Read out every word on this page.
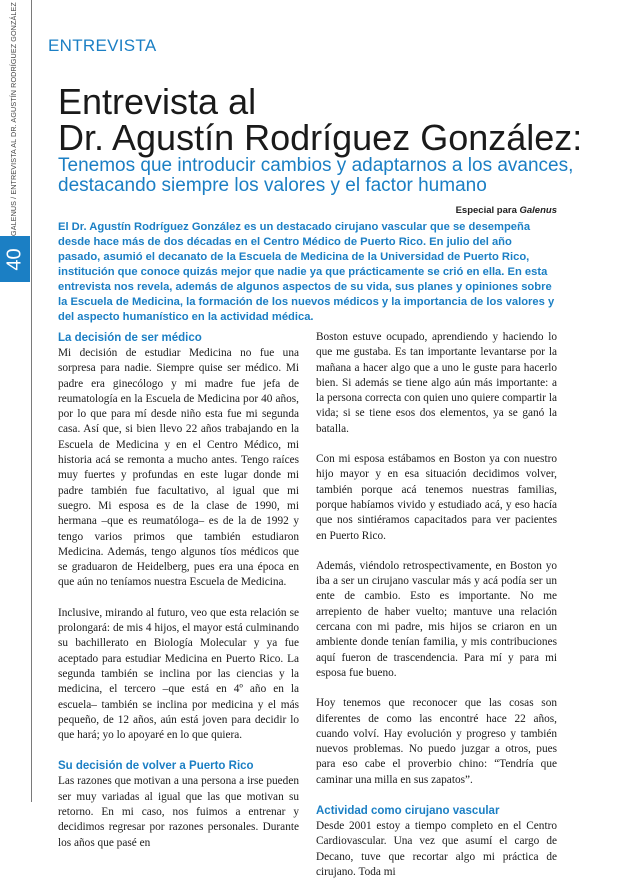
GALENUS / ENTREVISTA AL DR. AGUSTÍN RODRÍGUEZ GONZÁLEZ
40
ENTREVISTA
Entrevista al
Dr. Agustín Rodríguez González:
Tenemos que introducir cambios y adaptarnos a los avances,
destacando siempre los valores y el factor humano
Especial para Galenus
El Dr. Agustín Rodríguez González es un destacado cirujano vascular que se desempeña desde hace más de dos décadas en el Centro Médico de Puerto Rico. En julio del año pasado, asumió el decanato de la Escuela de Medicina de la Universidad de Puerto Rico, institución que conoce quizás mejor que nadie ya que prácticamente se crió en ella. En esta entrevista nos revela, además de algunos aspectos de su vida, sus planes y opiniones sobre la Escuela de Medicina, la formación de los nuevos médicos y la importancia de los valores y del aspecto humanístico en la actividad médica.
La decisión de ser médico

Mi decisión de estudiar Medicina no fue una sorpresa para nadie. Siempre quise ser médico. Mi padre era ginecólogo y mi madre fue jefa de reumatología en la Escuela de Medicina por 40 años, por lo que para mí desde niño esta fue mi segunda casa. Así que, si bien llevo 22 años trabajando en la Escuela de Medicina y en el Centro Médico, mi historia acá se remonta a mucho antes. Tengo raíces muy fuertes y profundas en este lugar donde mi padre también fue facultativo, al igual que mi suegro. Mi esposa es de la clase de 1990, mi hermana –que es reumatóloga– es de la de 1992 y tengo varios primos que también estudiaron Medicina. Además, tengo algunos tíos médicos que se graduaron de Heidelberg, pues era una época en que aún no teníamos nuestra Escuela de Medicina.

Inclusive, mirando al futuro, veo que esta relación se prolongará: de mis 4 hijos, el mayor está culminando su bachillerato en Biología Molecular y ya fue aceptado para estudiar Medicina en Puerto Rico. La segunda también se inclina por las ciencias y la medicina, el tercero –que está en 4º año en la escuela– también se inclina por medicina y el más pequeño, de 12 años, aún está joven para decidir lo que hará; yo lo apoyaré en lo que quiera.

Su decisión de volver a Puerto Rico

Las razones que motivan a una persona a irse pueden ser muy variadas al igual que las que motivan su retorno. En mi caso, nos fuimos a entrenar y decidimos regresar por razones personales. Durante los años que pasé en

Boston estuve ocupado, aprendiendo y haciendo lo que me gustaba. Es tan importante levantarse por la mañana a hacer algo que a uno le guste para hacerlo bien. Si además se tiene algo aún más importante: a la persona correcta con quien uno quiere compartir la vida; si se tiene esos dos elementos, ya se ganó la batalla.

Con mi esposa estábamos en Boston ya con nuestro hijo mayor y en esa situación decidimos volver, también porque acá tenemos nuestras familias, porque habíamos vivido y estudiado acá, y eso hacía que nos sintiéramos capacitados para ver pacientes en Puerto Rico.

Además, viéndolo retrospectivamente, en Boston yo iba a ser un cirujano vascular más y acá podía ser un ente de cambio. Esto es importante. No me arrepiento de haber vuelto; mantuve una relación cercana con mi padre, mis hijos se criaron en un ambiente donde tenían familia, y mis contribuciones aquí fueron de trascendencia. Para mí y para mi esposa fue bueno.

Hoy tenemos que reconocer que las cosas son diferentes de como las encontré hace 22 años, cuando volví. Hay evolución y progreso y también nuevos problemas. No puedo juzgar a otros, pues para eso cabe el proverbio chino: “Tendría que caminar una milla en sus zapatos”.

Actividad como cirujano vascular

Desde 2001 estoy a tiempo completo en el Centro Cardiovascular. Una vez que asumí el cargo de Decano, tuve que recortar algo mi práctica de cirujano. Toda mi
